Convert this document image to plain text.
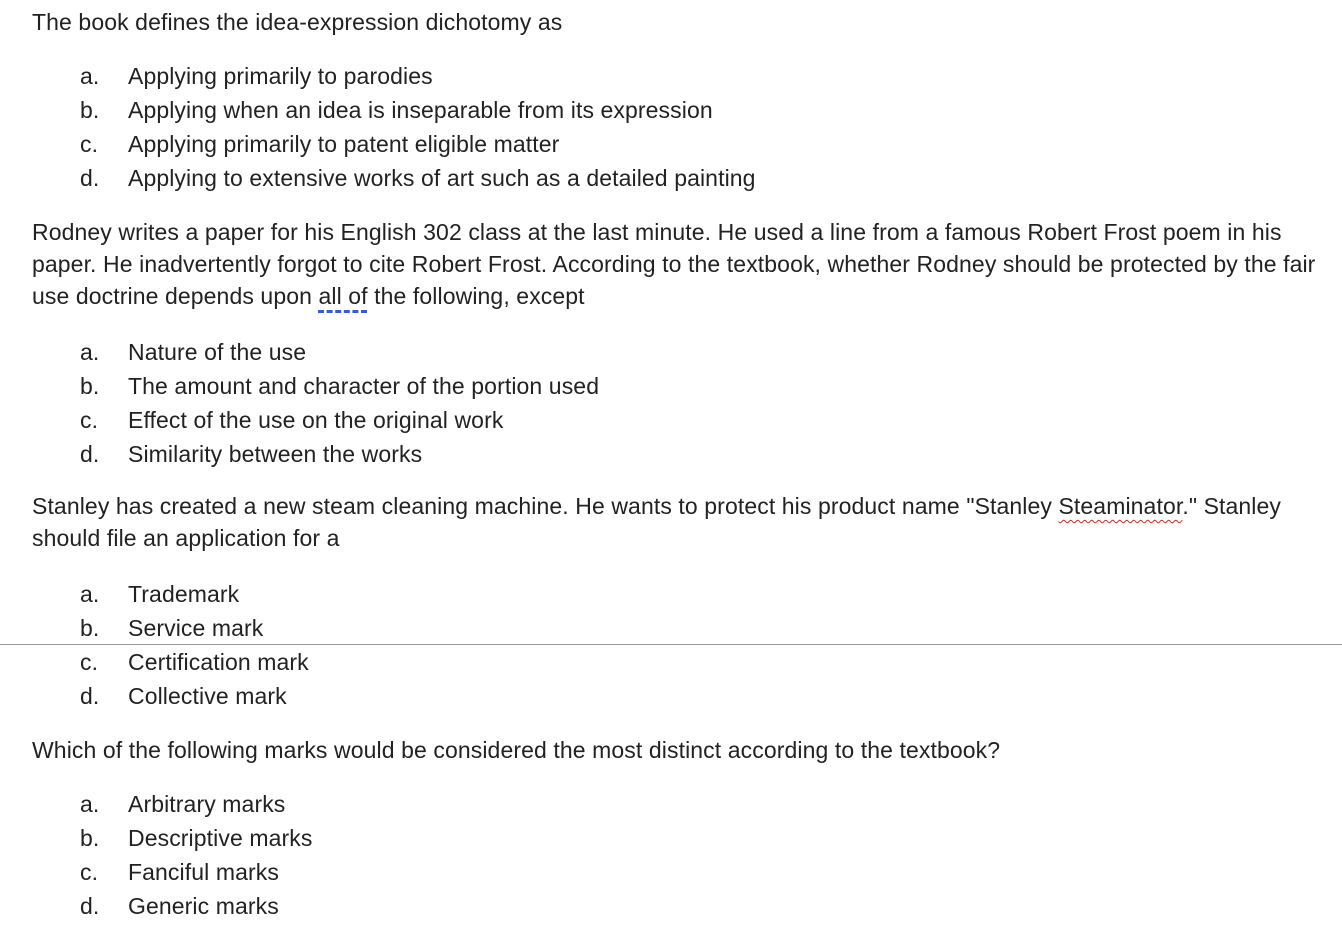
The book defines the idea-expression dichotomy as

a. Applying primarily to parodies
b. Applying when an idea is inseparable from its expression
c. Applying primarily to patent eligible matter
d. Applying to extensive works of art such as a detailed painting

Rodney writes a paper for his English 302 class at the last minute. He used a line from a famous Robert Frost poem in his paper. He inadvertently forgot to cite Robert Frost. According to the textbook, whether Rodney should be protected by the fair use doctrine depends upon all of the following, except

a. Nature of the use
b. The amount and character of the portion used
c. Effect of the use on the original work
d. Similarity between the works

Stanley has created a new steam cleaning machine. He wants to protect his product name "Stanley Steaminator." Stanley should file an application for a

a. Trademark
b. Service mark
c. Certification mark
d. Collective mark

Which of the following marks would be considered the most distinct according to the textbook?

a. Arbitrary marks
b. Descriptive marks
c. Fanciful marks
d. Generic marks
